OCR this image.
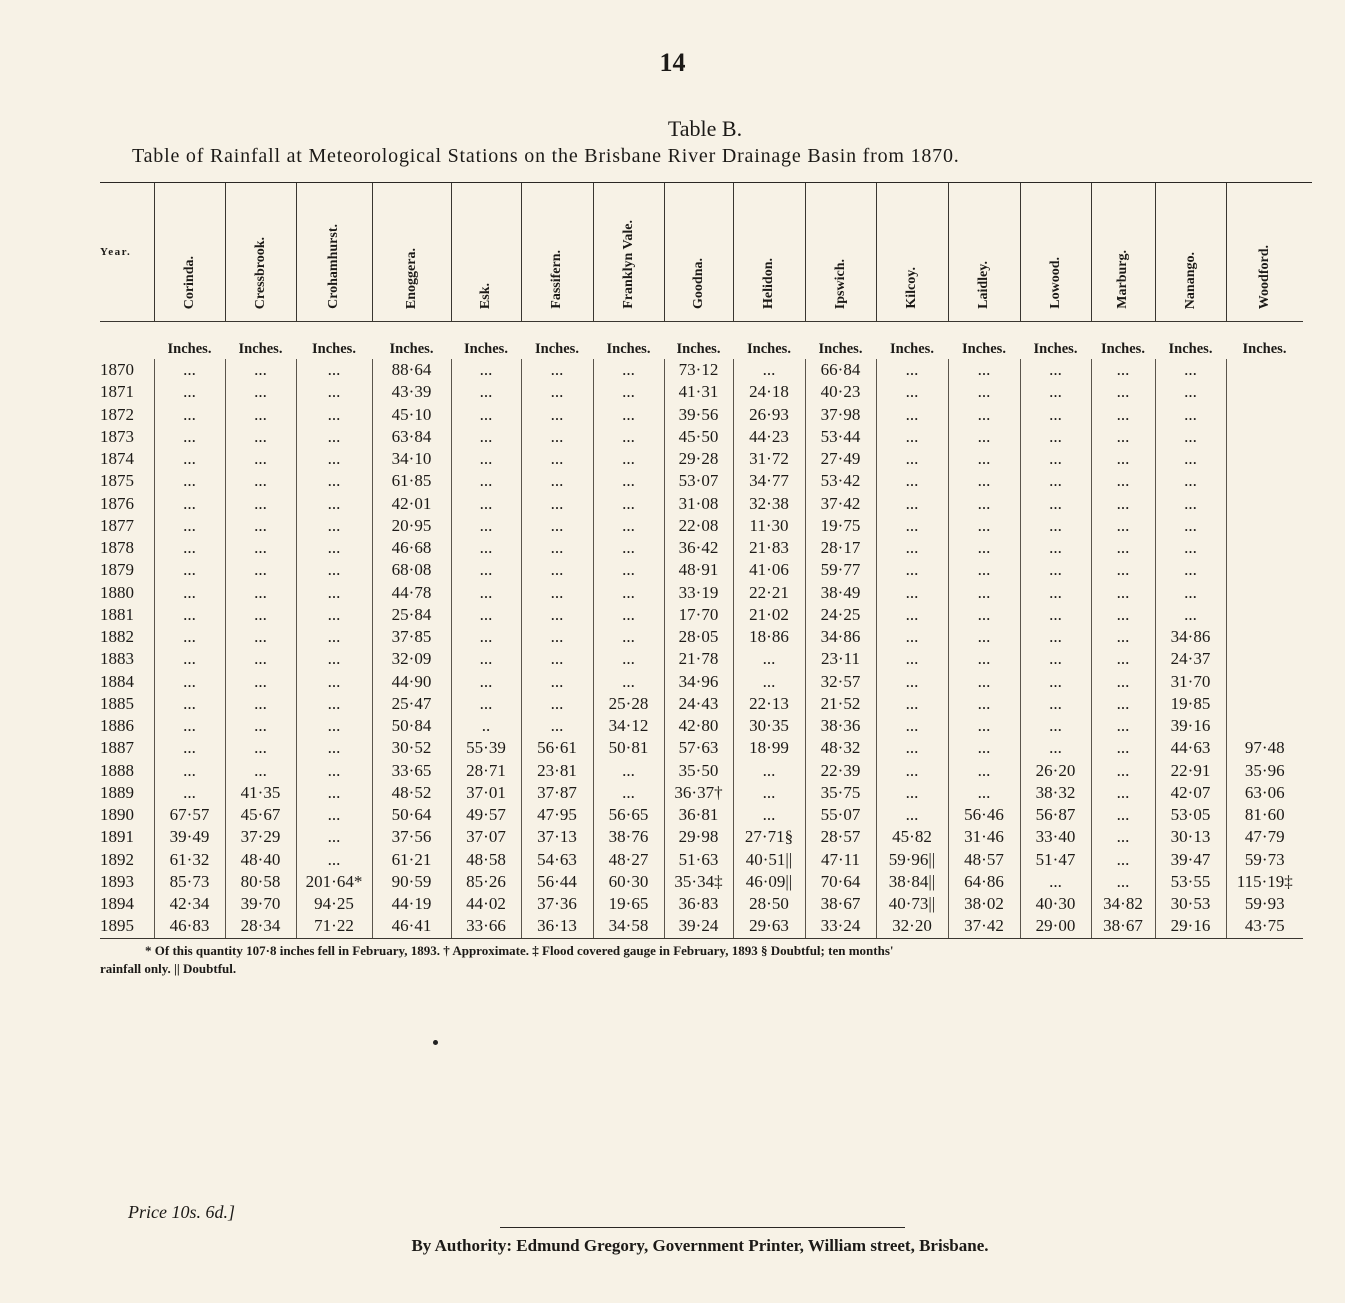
14
Table B.
Table of Rainfall at Meteorological Stations on the Brisbane River Drainage Basin from 1870.
Year.	Corinda.	Cressbrook.	Crohamhurst.	Enoggera.	Esk.	Fassifern.	Franklyn Vale.	Goodna.	Helidon.	Ipswich.	Kilcoy.	Laidley.	Lowood.	Marburg.	Nanango.	Woodford.

	Inches.	Inches.	Inches.	Inches.	Inches.	Inches.	Inches.	Inches.	Inches.	Inches.	Inches.	Inches.	Inches.	Inches.	Inches.	Inches.
1870	...	...	...	88·64	...	...	...	73·12	...	66·84	...	...	...	...	...	
1871	...	...	...	43·39	...	...	...	41·31	24·18	40·23	...	...	...	...	...	
1872	...	...	...	45·10	...	...	...	39·56	26·93	37·98	...	...	...	...	...	
1873	...	...	...	63·84	...	...	...	45·50	44·23	53·44	...	...	...	...	...	
1874	...	...	...	34·10	...	...	...	29·28	31·72	27·49	...	...	...	...	...	
1875	...	...	...	61·85	...	...	...	53·07	34·77	53·42	...	...	...	...	...	
1876	...	...	...	42·01	...	...	...	31·08	32·38	37·42	...	...	...	...	...	
1877	...	...	...	20·95	...	...	...	22·08	11·30	19·75	...	...	...	...	...	
1878	...	...	...	46·68	...	...	...	36·42	21·83	28·17	...	...	...	...	...	
1879	...	...	...	68·08	...	...	...	48·91	41·06	59·77	...	...	...	...	...	
1880	...	...	...	44·78	...	...	...	33·19	22·21	38·49	...	...	...	...	...	
1881	...	...	...	25·84	...	...	...	17·70	21·02	24·25	...	...	...	...	...	
1882	...	...	...	37·85	...	...	...	28·05	18·86	34·86	...	...	...	...	34·86	
1883	...	...	...	32·09	...	...	...	21·78	...	23·11	...	...	...	...	24·37	
1884	...	...	...	44·90	...	...	...	34·96	...	32·57	...	...	...	...	31·70	
1885	...	...	...	25·47	...	...	25·28	24·43	22·13	21·52	...	...	...	...	19·85	
1886	...	...	...	50·84	..	...	34·12	42·80	30·35	38·36	...	...	...	...	39·16	
1887	...	...	...	30·52	55·39	56·61	50·81	57·63	18·99	48·32	...	...	...	...	44·63	97·48
1888	...	...	...	33·65	28·71	23·81	...	35·50	...	22·39	...	...	26·20	...	22·91	35·96
1889	...	41·35	...	48·52	37·01	37·87	...	36·37†	...	35·75	...	...	38·32	...	42·07	63·06
1890	67·57	45·67	...	50·64	49·57	47·95	56·65	36·81	...	55·07	...	56·46	56·87	...	53·05	81·60
1891	39·49	37·29	...	37·56	37·07	37·13	38·76	29·98	27·71§	28·57	45·82	31·46	33·40	...	30·13	47·79
1892	61·32	48·40	...	61·21	48·58	54·63	48·27	51·63	40·51||	47·11	59·96||	48·57	51·47	...	39·47	59·73
1893	85·73	80·58	201·64*	90·59	85·26	56·44	60·30	35·34‡	46·09||	70·64	38·84||	64·86	...	...	53·55	115·19‡
1894	42·34	39·70	94·25	44·19	44·02	37·36	19·65	36·83	28·50	38·67	40·73||	38·02	40·30	34·82	30·53	59·93
1895	46·83	28·34	71·22	46·41	33·66	36·13	34·58	39·24	29·63	33·24	32·20	37·42	29·00	38·67	29·16	43·75
* Of this quantity 107·8 inches fell in February, 1893. † Approximate. ‡ Flood covered gauge in February, 1893 § Doubtful; ten months'
rainfall only. || Doubtful.
Price 10s. 6d.]
By Authority: Edmund Gregory, Government Printer, William street, Brisbane.
